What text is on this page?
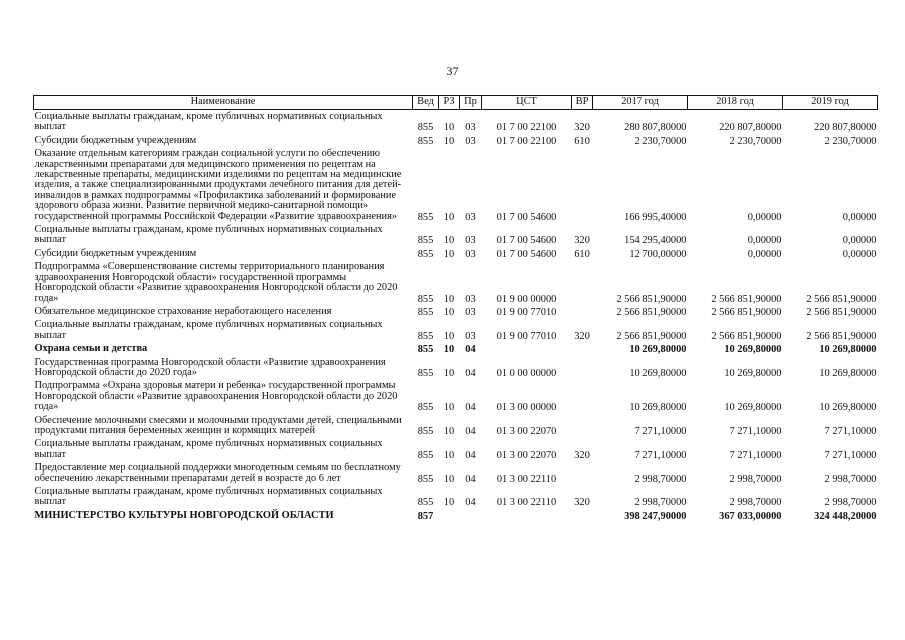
37
Наименование	Вед	РЗ	Пр	ЦСТ	ВР	2017 год	2018 год	2019 год
Социальные выплаты гражданам, кроме публичных нормативных социальных выплат	855	10	03	01 7 00 22100	320	280 807,80000	220 807,80000	220 807,80000
Субсидии бюджетным учреждениям	855	10	03	01 7 00 22100	610	2 230,70000	2 230,70000	2 230,70000
Оказание отдельным категориям граждан социальной услуги по обеспечению лекарственными препаратами для медицинского применения по рецептам на лекарственные препараты, медицинскими изделиями по рецептам на медицинские изделия, а также специализированными продуктами лечебного питания для детей-инвалидов в рамках подпрограммы «Профилактика заболеваний и формирование здорового образа жизни. Развитие первичной медико-санитарной помощи» государственной программы Российской Федерации «Развитие здравоохранения»	855	10	03	01 7 00 54600		166 995,40000	0,00000	0,00000
Социальные выплаты гражданам, кроме публичных нормативных социальных выплат	855	10	03	01 7 00 54600	320	154 295,40000	0,00000	0,00000
Субсидии бюджетным учреждениям	855	10	03	01 7 00 54600	610	12 700,00000	0,00000	0,00000
Подпрограмма «Совершенствование системы территориального планирования здравоохранения Новгородской области» государственной программы Новгородской области «Развитие здравоохранения Новгородской области до 2020 года»	855	10	03	01 9 00 00000		2 566 851,90000	2 566 851,90000	2 566 851,90000
Обязательное медицинское страхование неработающего населения	855	10	03	01 9 00 77010		2 566 851,90000	2 566 851,90000	2 566 851,90000
Социальные выплаты гражданам, кроме публичных нормативных социальных выплат	855	10	03	01 9 00 77010	320	2 566 851,90000	2 566 851,90000	2 566 851,90000
Охрана семьи и детства	855	10	04			10 269,80000	10 269,80000	10 269,80000
Государственная программа Новгородской области «Развитие здравоохранения Новгородской области до 2020 года»	855	10	04	01 0 00 00000		10 269,80000	10 269,80000	10 269,80000
Подпрограмма «Охрана здоровья матери и ребенка» государственной программы Новгородской области «Развитие здравоохранения Новгородской области до 2020 года»	855	10	04	01 3 00 00000		10 269,80000	10 269,80000	10 269,80000
Обеспечение молочными смесями и молочными продуктами детей, специальными продуктами питания беременных женщин и кормящих матерей	855	10	04	01 3 00 22070		7 271,10000	7 271,10000	7 271,10000
Социальные выплаты гражданам, кроме публичных нормативных социальных выплат	855	10	04	01 3 00 22070	320	7 271,10000	7 271,10000	7 271,10000
Предоставление мер социальной поддержки многодетным семьям по бесплатному обеспечению лекарственными препаратами детей в возрасте до 6 лет	855	10	04	01 3 00 22110		2 998,70000	2 998,70000	2 998,70000
Социальные выплаты гражданам, кроме публичных нормативных социальных выплат	855	10	04	01 3 00 22110	320	2 998,70000	2 998,70000	2 998,70000
МИНИСТЕРСТВО КУЛЬТУРЫ НОВГОРОДСКОЙ ОБЛАСТИ	857					398 247,90000	367 033,00000	324 448,20000
